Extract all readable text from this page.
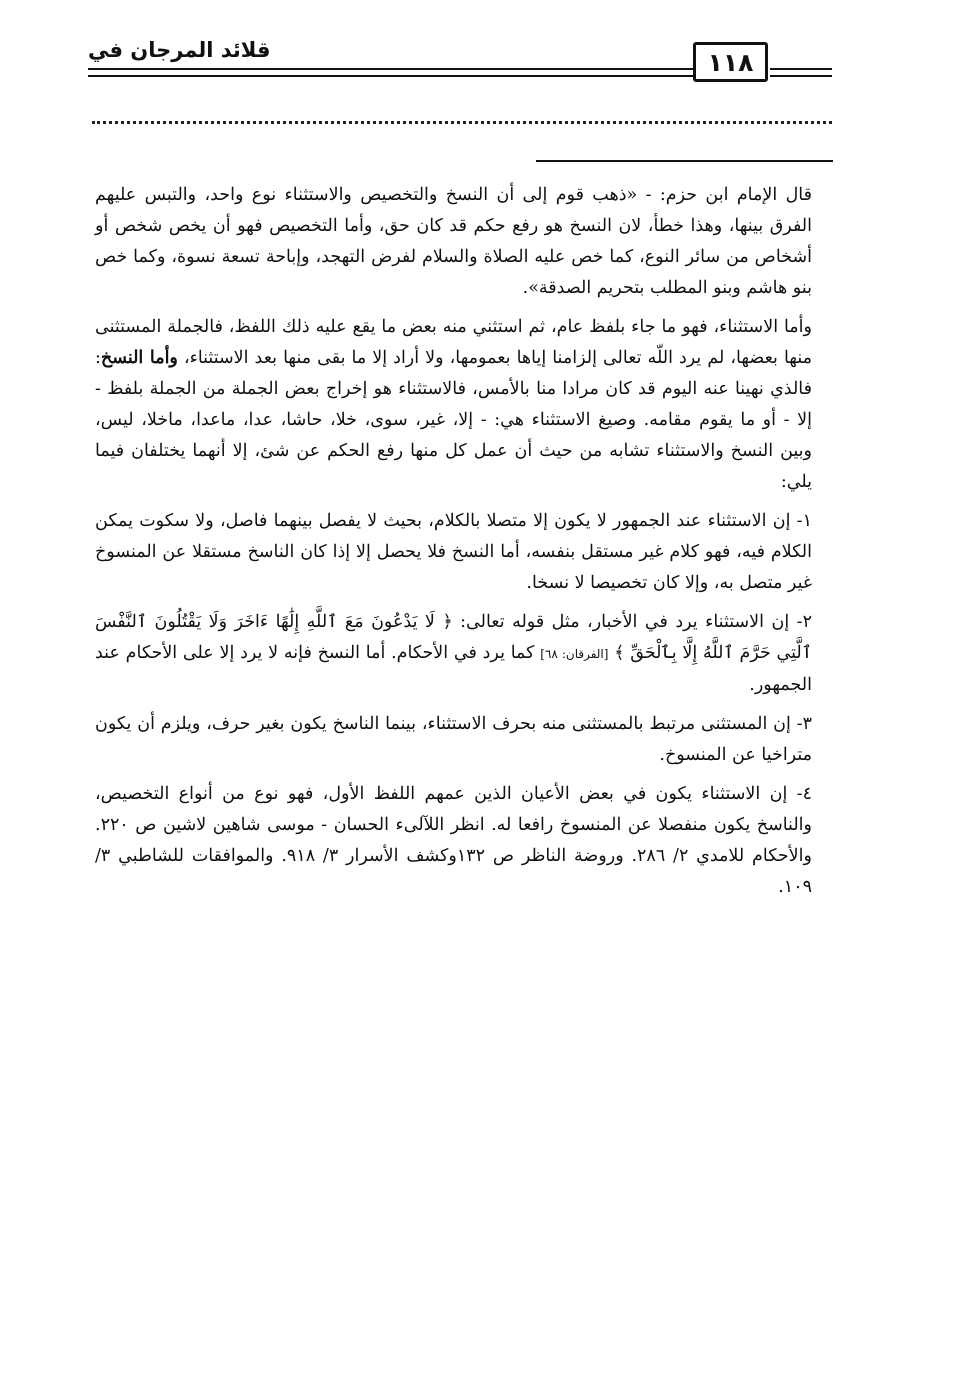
قلائد المرجان في	١١٨

قال الإمام ابن حزم: - «ذهب قوم إلى أن النسخ والتخصيص والاستثناء نوع واحد، والتبس عليهم الفرق بينها، وهذا خطأ، لان النسخ هو رفع حكم قد كان حق، وأما التخصيص فهو أن يخص شخص أو أشخاص من سائر النوع، كما خص عليه الصلاة والسلام لفرض التهجد، وإباحة تسعة نسوة، وكما خص بنو هاشم وبنو المطلب بتحريم الصدقة».

وأما الاستثناء، فهو ما جاء بلفظ عام، ثم استثني منه بعض ما يقع عليه ذلك اللفظ، فالجملة المستثنى منها بعضها، لم يرد اللّه تعالى إلزامنا إياها بعمومها، ولا أراد إلا ما بقى منها بعد الاستثناء، وأما النسخ: فالذي نهينا عنه اليوم قد كان مرادا منا بالأمس، فالاستثناء هو إخراج بعض الجملة من الجملة بلفظ - إلا - أو ما يقوم مقامه. وصيغ الاستثناء هي: - إلا، غير، سوى، خلا، حاشا، عدا، ماعدا، ماخلا، ليس، وبين النسخ والاستثناء تشابه من حيث أن عمل كل منها رفع الحكم عن شئ، إلا أنهما يختلفان فيما يلي:

١- إن الاستثناء عند الجمهور لا يكون إلا متصلا بالكلام، بحيث لا يفصل بينهما فاصل، ولا سكوت يمكن الكلام فيه، فهو كلام غير مستقل بنفسه، أما النسخ فلا يحصل إلا إذا كان الناسخ مستقلا عن المنسوخ غير متصل به، وإلا كان تخصيصا لا نسخا.

٢- إن الاستثناء يرد في الأخبار، مثل قوله تعالى: ﴿ لَا يَدْعُونَ مَعَ ٱللَّهِ إِلَٰهًا ءَاخَرَ وَلَا يَقْتُلُونَ ٱلنَّفْسَ ٱلَّتِي حَرَّمَ ٱللَّهُ إِلَّا بِٱلْحَقِّ ﴾ [الفرقان: ٦٨] كما يرد في الأحكام. أما النسخ فإنه لا يرد إلا على الأحكام عند الجمهور.

٣- إن المستثنى مرتبط بالمستثنى منه بحرف الاستثناء، بينما الناسخ يكون بغير حرف، ويلزم أن يكون متراخيا عن المنسوخ.

٤- إن الاستثناء يكون في بعض الأعيان الذين عمهم اللفظ الأول، فهو نوع من أنواع التخصيص، والناسخ يكون منفصلا عن المنسوخ رافعا له. انظر اللآلىء الحسان - موسى شاهين لاشين ص ٢٢٠. والأحكام للامدي ٢/ ٢٨٦. وروضة الناظر ص ١٣٢وكشف الأسرار ٣/ ٩١٨. والموافقات للشاطبي ٣/ ١٠٩.
